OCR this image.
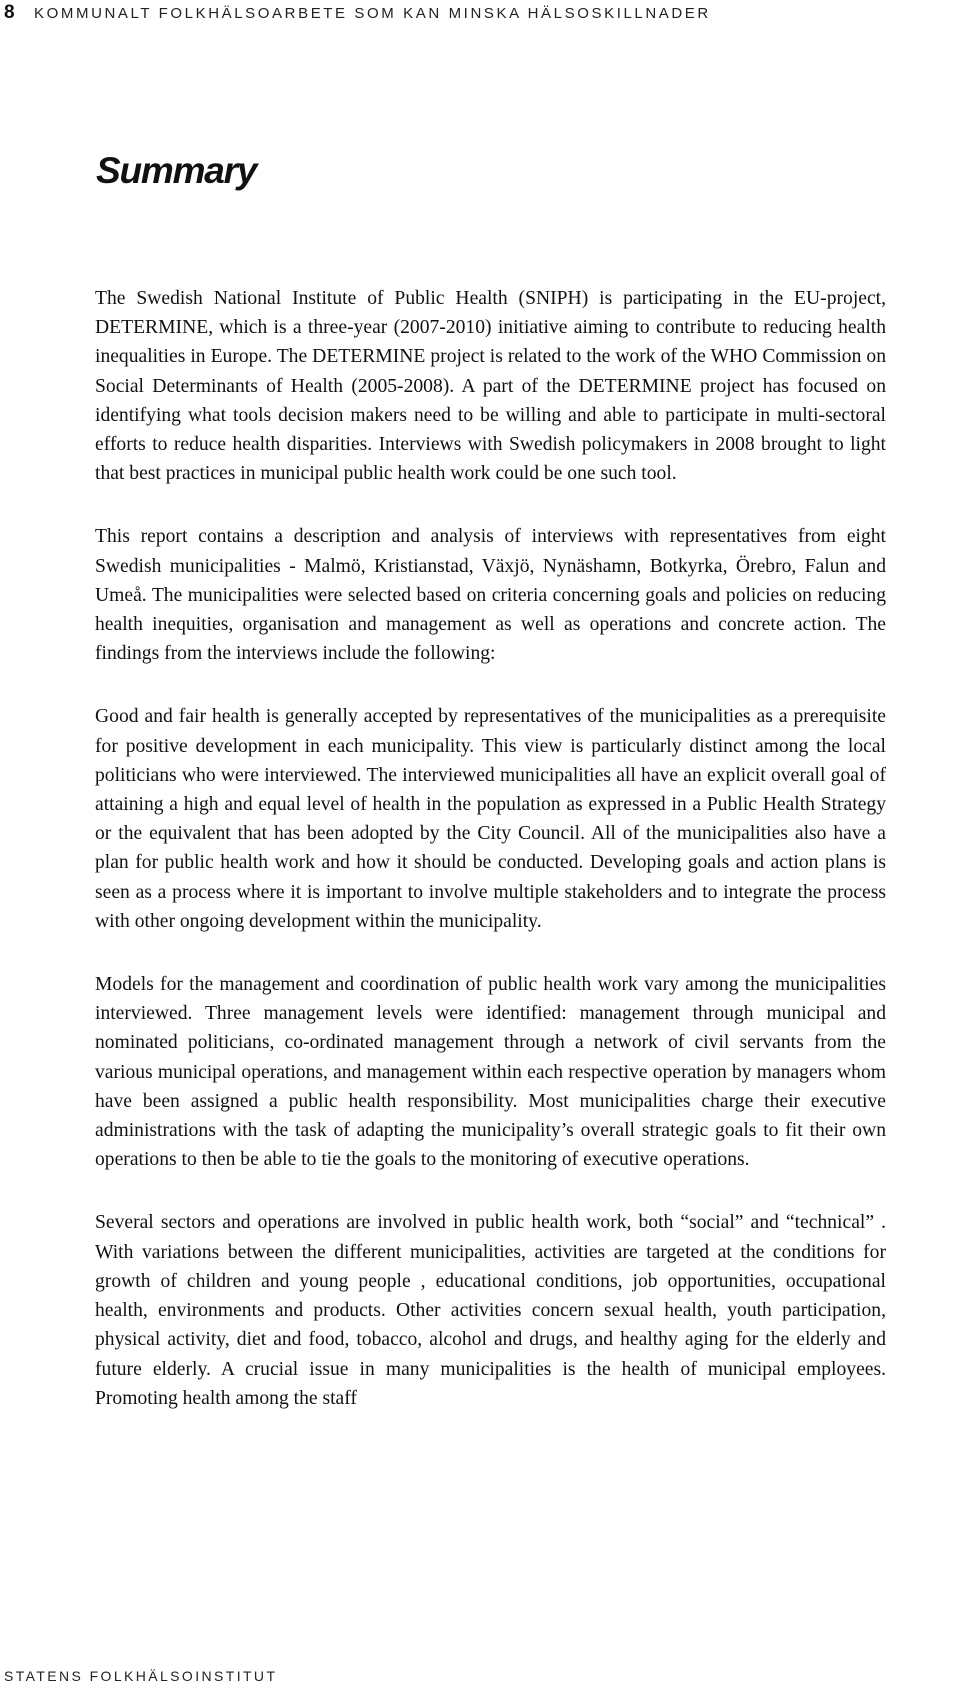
8	KOMMUNALT FOLKHÄLSOARBETE SOM KAN MINSKA HÄLSOSKILLNADER
Summary

The Swedish National Institute of Public Health (SNIPH) is participating in the EU-project, DETERMINE, which is a three-year (2007-2010) initiative aiming to contribute to reducing health inequalities in Europe. The DETERMINE project is related to the work of the WHO Commission on Social Determinants of Health (2005-2008). A part of the DETERMINE project has focused on identifying what tools decision makers need to be willing and able to participate in multi-sectoral efforts to reduce health disparities. Interviews with Swedish policymakers in 2008 brought to light that best practices in municipal public health work could be one such tool.

This report contains a description and analysis of interviews with representatives from eight Swedish municipalities - Malmö, Kristianstad, Växjö, Nynäshamn, Botkyrka, Örebro, Falun and Umeå. The municipalities were selected based on criteria concerning goals and policies on reducing health inequities, organisation and management as well as operations and concrete action. The findings from the interviews include the following:

Good and fair health is generally accepted by representatives of the municipalities as a prerequisite for positive development in each municipality. This view is particularly distinct among the local politicians who were interviewed. The interviewed municipalities all have an explicit overall goal of attaining a high and equal level of health in the population as expressed in a Public Health Strategy or the equivalent that has been adopted by the City Council. All of the municipalities also have a plan for public health work and how it should be conducted. Developing goals and action plans is seen as a process where it is important to involve multiple stakeholders and to integrate the process with other ongoing development within the municipality.

Models for the management and coordination of public health work vary among the municipalities interviewed. Three management levels were identified: management through municipal and nominated politicians, co-ordinated management through a network of civil servants from the various municipal operations, and management within each respective operation by managers whom have been assigned a public health responsibility. Most municipalities charge their executive administrations with the task of adapting the municipality’s overall strategic goals to fit their own operations to then be able to tie the goals to the monitoring of executive operations.

Several sectors and operations are involved in public health work, both “social” and “technical” . With variations between the different municipalities, activities are targeted at the conditions for growth of children and young people , educational conditions, job opportunities, occupational health, environments and products. Other activities concern sexual health, youth participation, physical activity, diet and food, tobacco, alcohol and drugs, and healthy aging for the elderly and future elderly. A crucial issue in many municipalities is the health of municipal employees. Promoting health among the staff

STATENS FOLKHÄLSOINSTITUT
